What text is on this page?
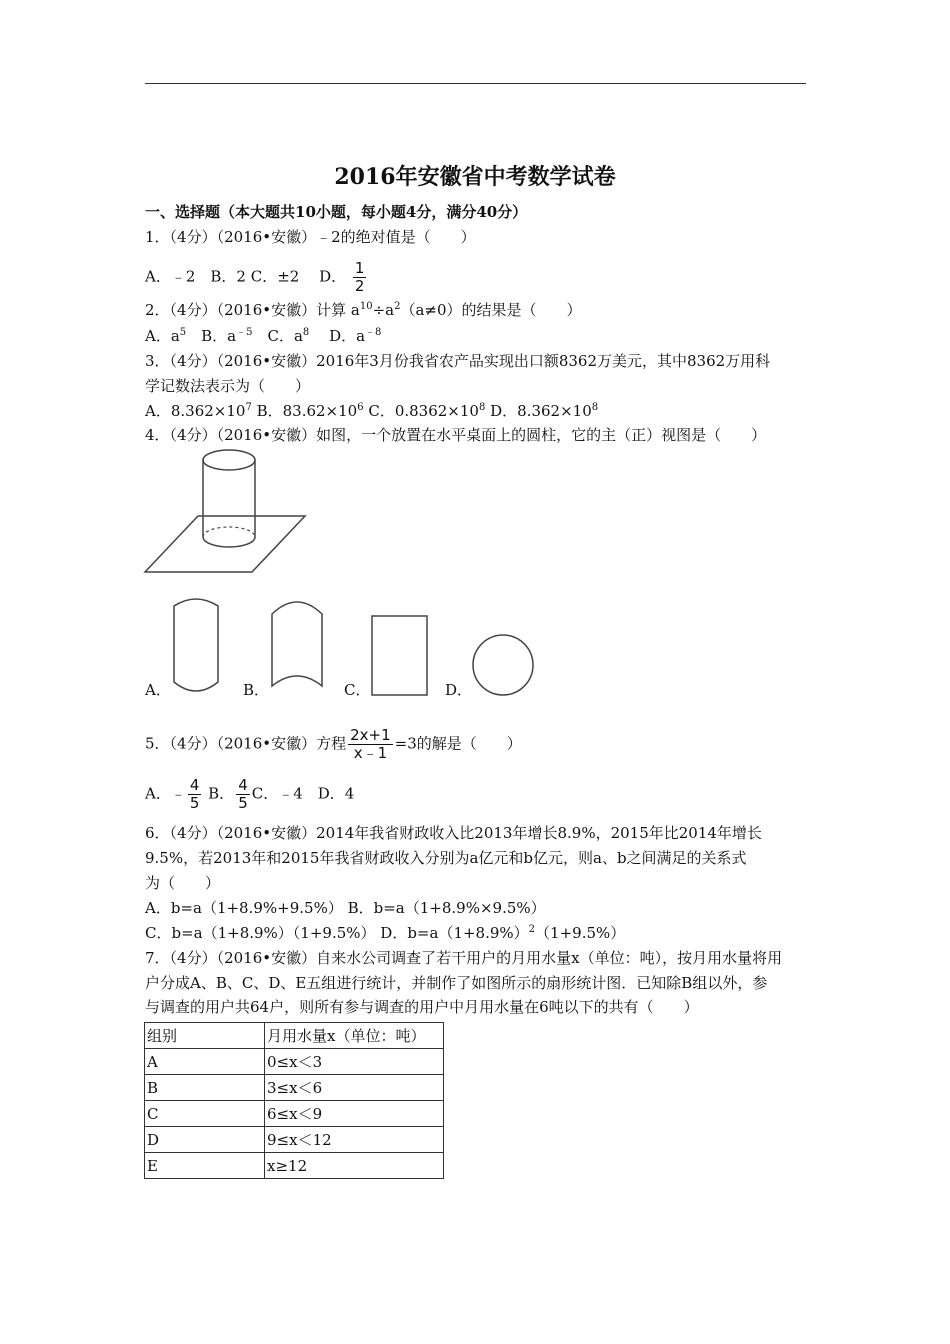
2016年安徽省中考数学试卷
一、选择题（本大题共10小题，每小题4分，满分40分）
1．（4分）（2016•安徽）﹣2的绝对值是（　　）
A．﹣2　B．2 C．±2　 D． $\frac{1}{2}$
2．（4分）（2016•安徽）计算 $a^{10}\div a^2(a\ne 0)$的结果是（　　）
A．$a^5$　B．$a^{﹣5}$　C．$a^8$　 D．$a^{﹣8}$
3．（4分）（2016•安徽）2016年3月份我省农产品实现出口额8362万美元，其中8362万用科
学记数法表示为（　　）
A．$8.362\times 10^7$ B．$83.62\times 10^6$ C．$0.8362\times 10^8$ D．$8.362\times 10^8$
4．（4分）（2016•安徽）如图，一个放置在水平桌面上的圆柱，它的主（正）视图是（　　）
A．	B．	C．	D．
5．（4分）（2016•安徽）方程 $\frac{2x+1}{x﹣1} =3$的解是（　　）
A．﹣ $\frac{4}{5}$ B． $\frac{4}{5}$ C．﹣4　D．4
6．（4分）（2016•安徽）2014年我省财政收入比2013年增长8.9%，2015年比2014年增长
9.5%，若2013年和2015年我省财政收入分别为a亿元和b亿元，则a、b之间满足的关系式
为（　　）
A．b=a（1+8.9%+9.5%） B．b=a（1+8.9%×9.5%）
C．b=a（1+8.9%）（1+9.5%） D．$b=a(1+8.9\%)^2(1+9.5\%)$
7．（4分）（2016•安徽）自来水公司调查了若干用户的月用水量x（单位：吨），按月用水量将用
户分成A、B、C、D、E五组进行统计，并制作了如图所示的扇形统计图．已知除B组以外，参
与调查的用户共64户，则所有参与调查的用户中月用水量在6吨以下的共有（　　）
组别	月用水量x（单位：吨）
A	0≤x＜3
B	3≤x＜6
C	6≤x＜9
D	9≤x＜12
E	x≥12
